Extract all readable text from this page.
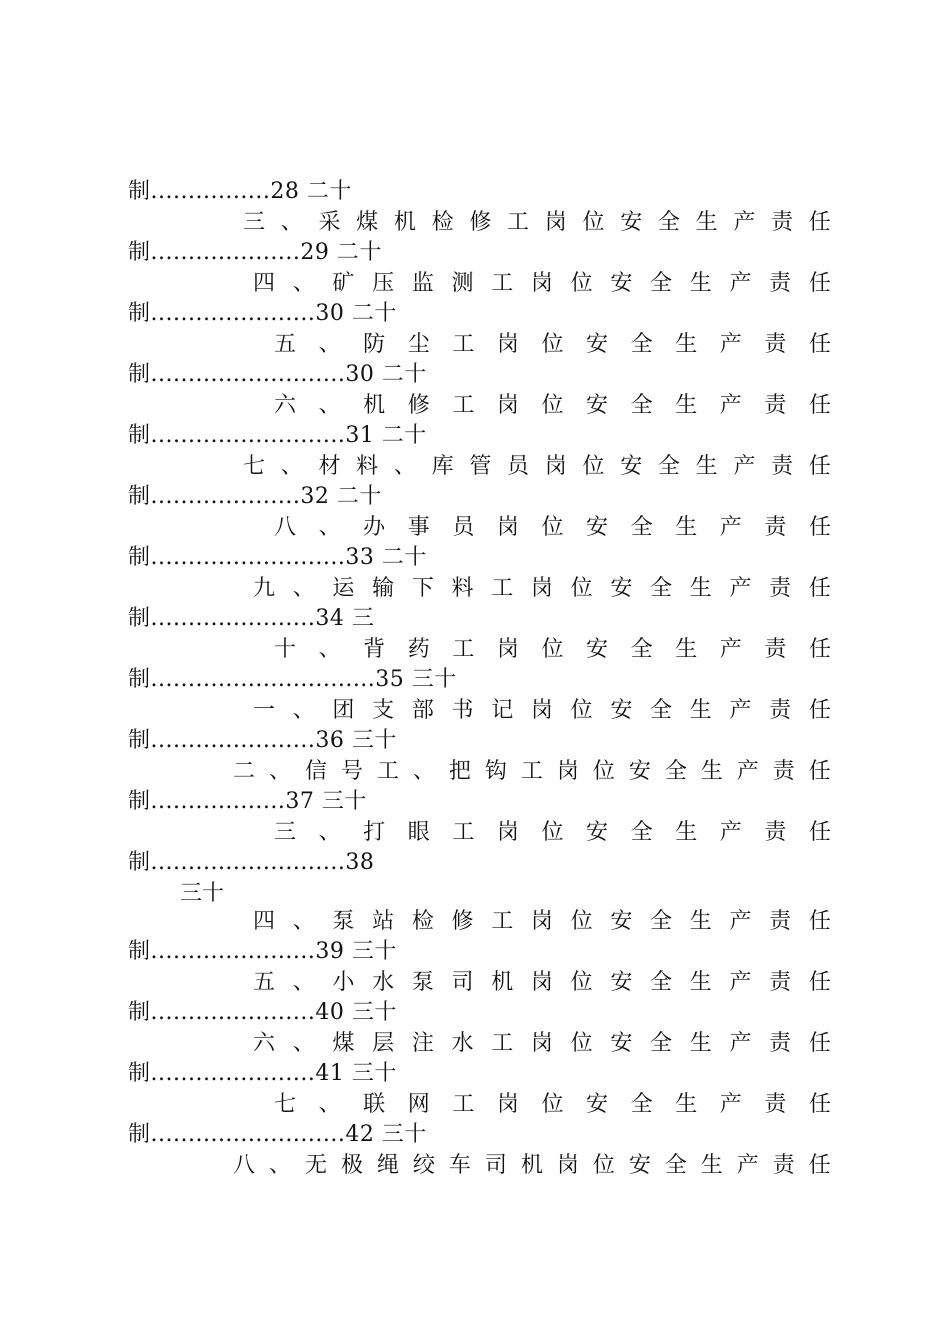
制................28 二十
三 、 采 煤 机 检 修 工 岗 位 安 全 生 产 责 任
制....................29 二十
四 、 矿 压 监 测 工 岗 位 安 全 生 产 责 任
制......................30 二十
五 、 防 尘 工 岗 位 安 全 生 产 责 任
制..........................30 二十
六 、 机 修 工 岗 位 安 全 生 产 责 任
制..........................31 二十
七 、 材 料 、 库 管 员 岗 位 安 全 生 产 责 任
制....................32 二十
八 、 办 事 员 岗 位 安 全 生 产 责 任
制..........................33 二十
九 、 运 输 下 料 工 岗 位 安 全 生 产 责 任
制......................34 三
十 、 背 药 工 岗 位 安 全 生 产 责 任
制..............................35 三十
一 、 团 支 部 书 记 岗 位 安 全 生 产 责 任
制......................36 三十
二 、 信 号 工 、 把 钩 工 岗 位 安 全 生 产 责 任
制..................37 三十
三 、 打 眼 工 岗 位 安 全 生 产 责 任
制..........................38
三十
四 、 泵 站 检 修 工 岗 位 安 全 生 产 责 任
制......................39 三十
五 、 小 水 泵 司 机 岗 位 安 全 生 产 责 任
制......................40 三十
六 、 煤 层 注 水 工 岗 位 安 全 生 产 责 任
制......................41 三十
七 、 联 网 工 岗 位 安 全 生 产 责 任
制..........................42 三十
八 、 无 极 绳 绞 车 司 机 岗 位 安 全 生 产 责 任
